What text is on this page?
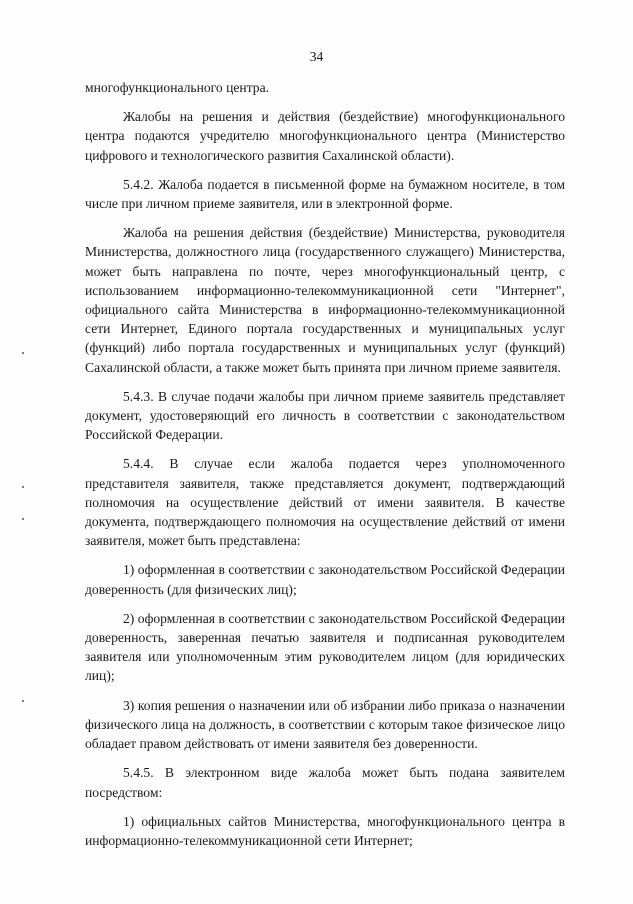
34

многофункционального центра.

Жалобы на решения и действия (бездействие) многофункционального центра подаются учредителю многофункционального центра (Министерство цифрового и технологического развития Сахалинской области).

5.4.2. Жалоба подается в письменной форме на бумажном носителе, в том числе при личном приеме заявителя, или в электронной форме.

Жалоба на решения действия (бездействие) Министерства, руководителя Министерства, должностного лица (государственного служащего) Министерства, может быть направлена по почте, через многофункциональный центр, с использованием информационно-телекоммуникационной сети "Интернет", официального сайта Министерства в информационно-телекоммуникационной сети Интернет, Единого портала государственных и муниципальных услуг (функций) либо портала государственных и муниципальных услуг (функций) Сахалинской области, а также может быть принята при личном приеме заявителя.

5.4.3. В случае подачи жалобы при личном приеме заявитель представляет документ, удостоверяющий его личность в соответствии с законодательством Российской Федерации.

5.4.4. В случае если жалоба подается через уполномоченного представителя заявителя, также представляется документ, подтверждающий полномочия на осуществление действий от имени заявителя. В качестве документа, подтверждающего полномочия на осуществление действий от имени заявителя, может быть представлена:

1) оформленная в соответствии с законодательством Российской Федерации доверенность (для физических лиц);

2) оформленная в соответствии с законодательством Российской Федерации доверенность, заверенная печатью заявителя и подписанная руководителем заявителя или уполномоченным этим руководителем лицом (для юридических лиц);

3) копия решения о назначении или об избрании либо приказа о назначении физического лица на должность, в соответствии с которым такое физическое лицо обладает правом действовать от имени заявителя без доверенности.

5.4.5. В электронном виде жалоба может быть подана заявителем посредством:

1) официальных сайтов Министерства, многофункционального центра в информационно-телекоммуникационной сети Интернет;
